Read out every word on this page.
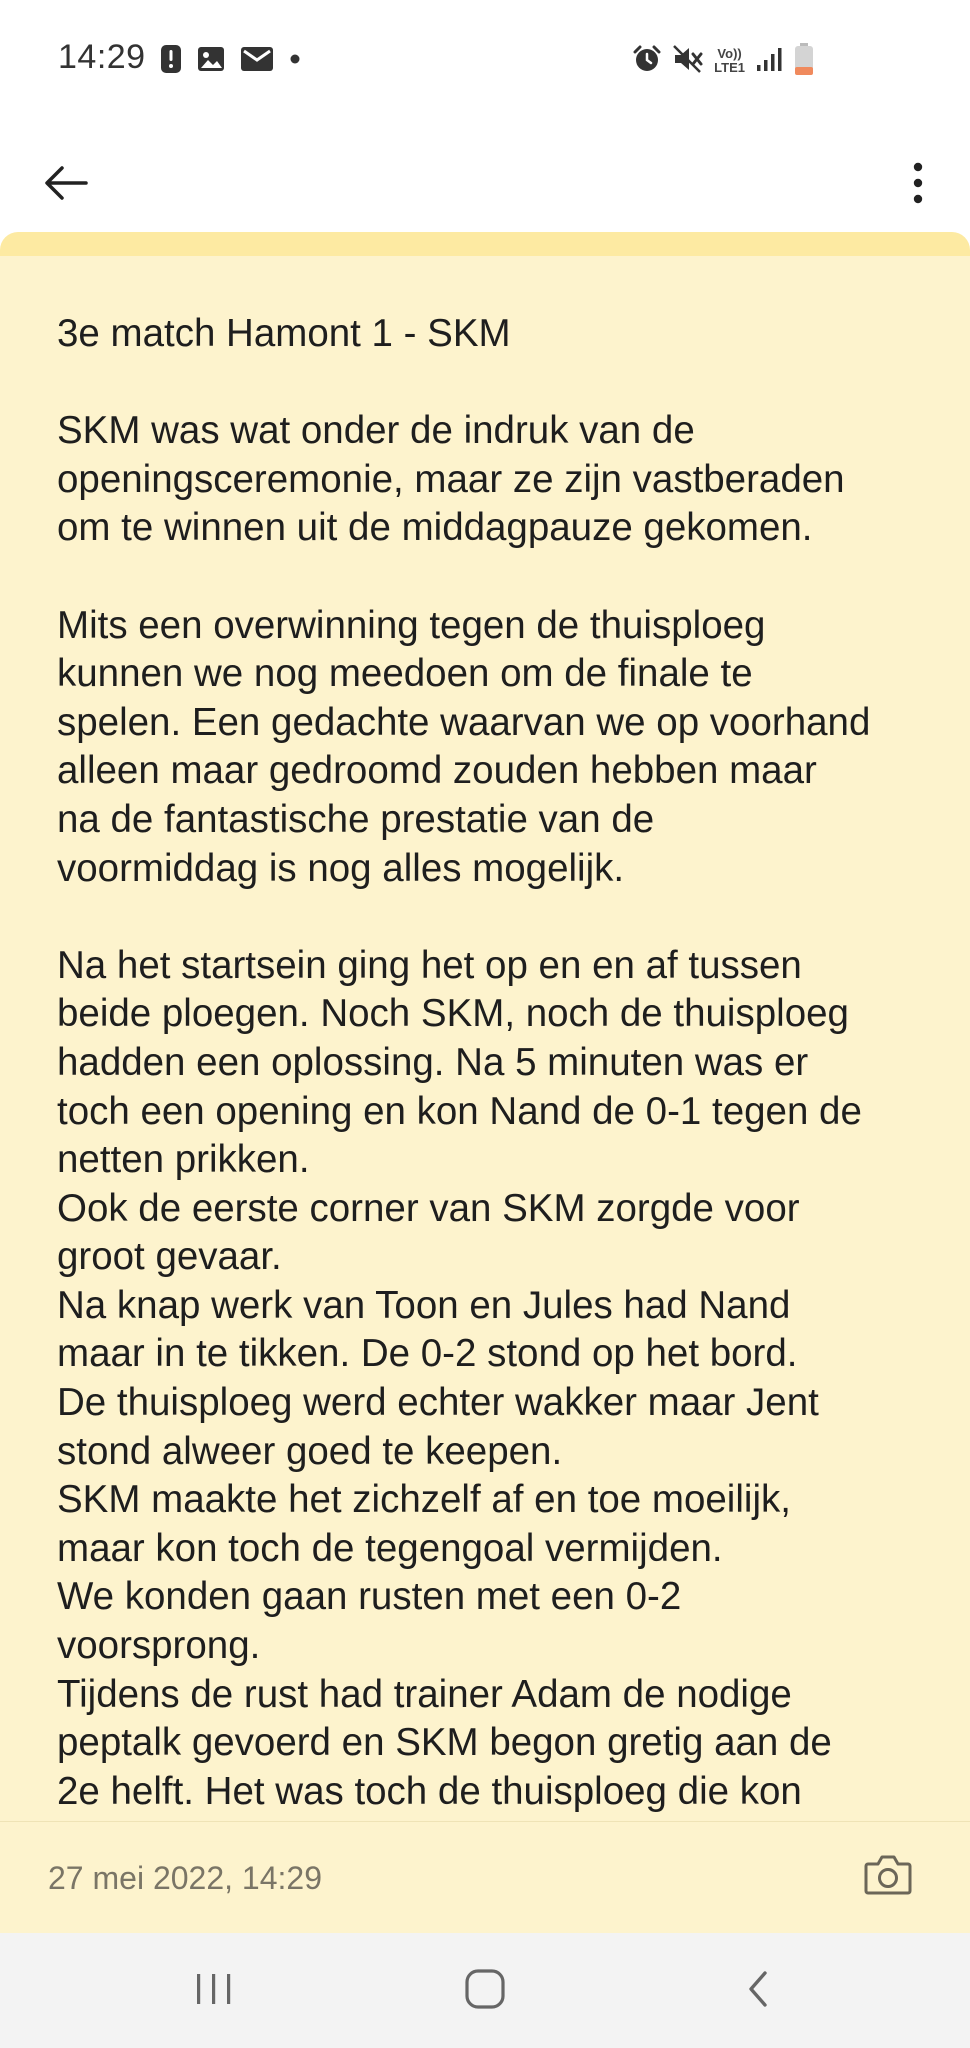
14:29	Vo))
LTE1

3e match Hamont 1 - SKM

SKM was wat onder de indruk van de

openingsceremonie, maar ze zijn vastberaden

om te winnen uit de middagpauze gekomen.

Mits een overwinning tegen de thuisploeg

kunnen we nog meedoen om de finale te

spelen. Een gedachte waarvan we op voorhand

alleen maar gedroomd zouden hebben maar

na de fantastische prestatie van de

voormiddag is nog alles mogelijk.

Na het startsein ging het op en en af tussen

beide ploegen. Noch SKM, noch de thuisploeg

hadden een oplossing. Na 5 minuten was er

toch een opening en kon Nand de 0-1 tegen de

netten prikken.

Ook de eerste corner van SKM zorgde voor

groot gevaar.

Na knap werk van Toon en Jules had Nand

maar in te tikken. De 0-2 stond op het bord.

De thuisploeg werd echter wakker maar Jent

stond alweer goed te keepen.

SKM maakte het zichzelf af en toe moeilijk,

maar kon toch de tegengoal vermijden.

We konden gaan rusten met een 0-2

voorsprong.

Tijdens de rust had trainer Adam de nodige

peptalk gevoerd en SKM begon gretig aan de

2e helft. Het was toch de thuisploeg die kon

27 mei 2022, 14:29
